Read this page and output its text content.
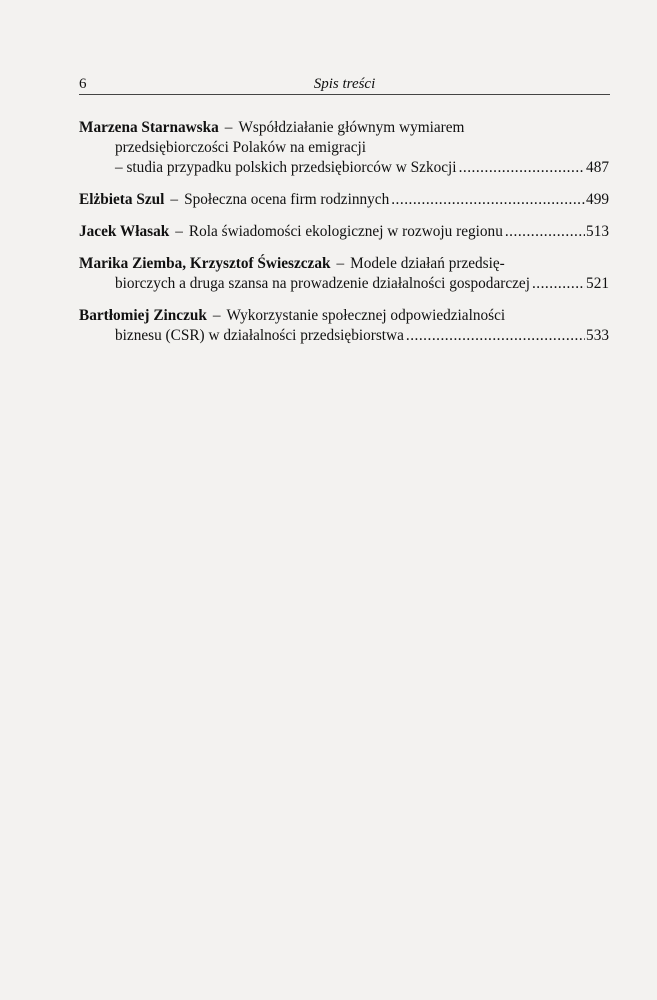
6	Spis treści

Marzena Starnawska – Współdziałanie głównym wymiarem
przedsiębiorczości Polaków na emigracji
– studia przypadku polskich przedsiębiorców w Szkocji .....	487
Elżbieta Szul – Społeczna ocena firm rodzinnych .....	499
Jacek Własak – Rola świadomości ekologicznej w rozwoju regionu .....	513
Marika Ziemba, Krzysztof Świeszczak – Modele działań przedsię-
biorczych a druga szansa na prowadzenie działalności gospodarczej .....	521
Bartłomiej Zinczuk – Wykorzystanie społecznej odpowiedzialności
biznesu (CSR) w działalności przedsiębiorstwa .....	533
